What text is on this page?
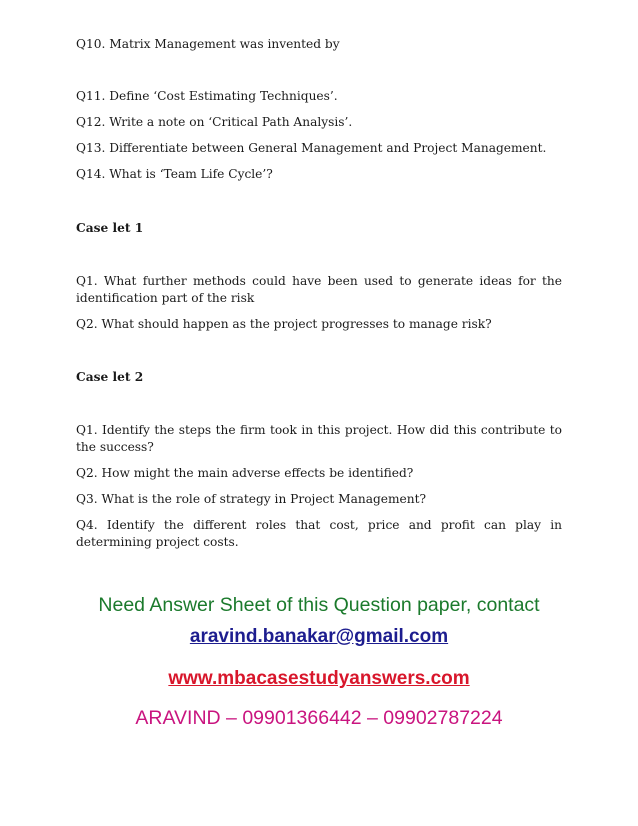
Q10. Matrix Management was invented by

Q11. Define ‘Cost Estimating Techniques’.

Q12. Write a note on ‘Critical Path Analysis’.

Q13. Differentiate between General Management and Project Management.

Q14. What is ‘Team Life Cycle’?

Case let 1

Q1. What further methods could have been used to generate ideas for the identification part of the risk

Q2. What should happen as the project progresses to manage risk?

Case let 2

Q1. Identify the steps the firm took in this project. How did this contribute to the success?

Q2. How might the main adverse effects be identified?

Q3. What is the role of strategy in Project Management?

Q4. Identify the different roles that cost, price and profit can play in determining project costs.

Need Answer Sheet of this Question paper, contact
aravind.banakar@gmail.com
www.mbacasestudyanswers.com
ARAVIND – 09901366442 – 09902787224
